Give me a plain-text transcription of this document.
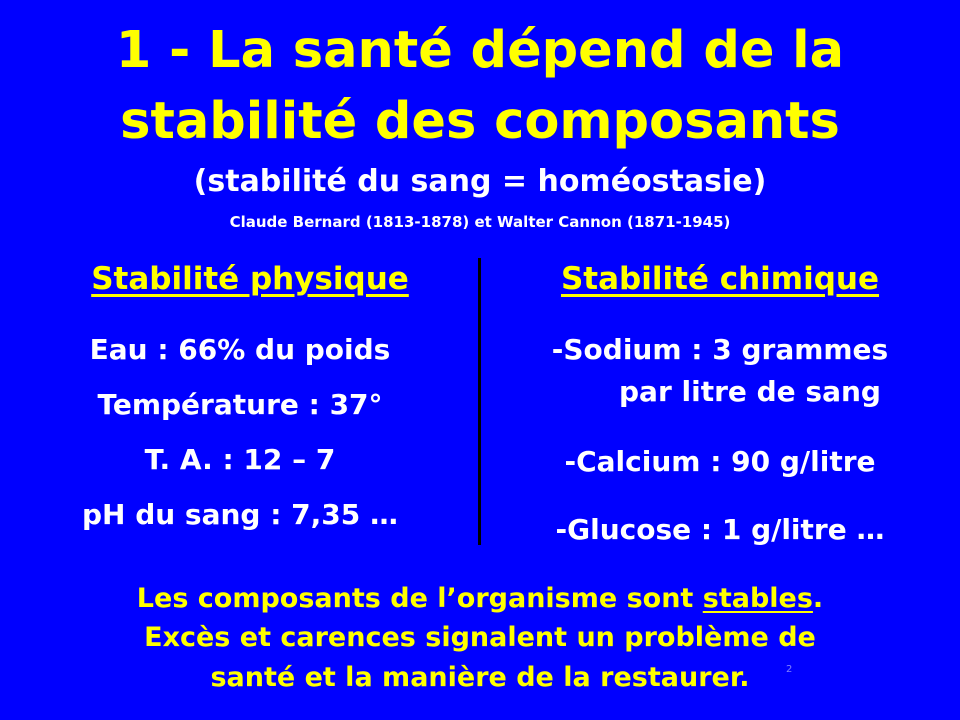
1 - La santé dépend de la
stabilité des composants

(stabilité du sang = homéostasie)

Claude Bernard (1813-1878) et Walter Cannon (1871-1945)

Stabilité physique	Stabilité chimique

Eau : 66% du poids

Température : 37°

T. A. : 12 – 7

pH du sang : 7,35 …

-Sodium : 3 grammes

par litre de sang

-Calcium : 90 g/litre

-Glucose : 1 g/litre …

Les composants de l’organisme sont stables.

Excès et carences signalent un problème de

santé et la manière de la restaurer.	2
